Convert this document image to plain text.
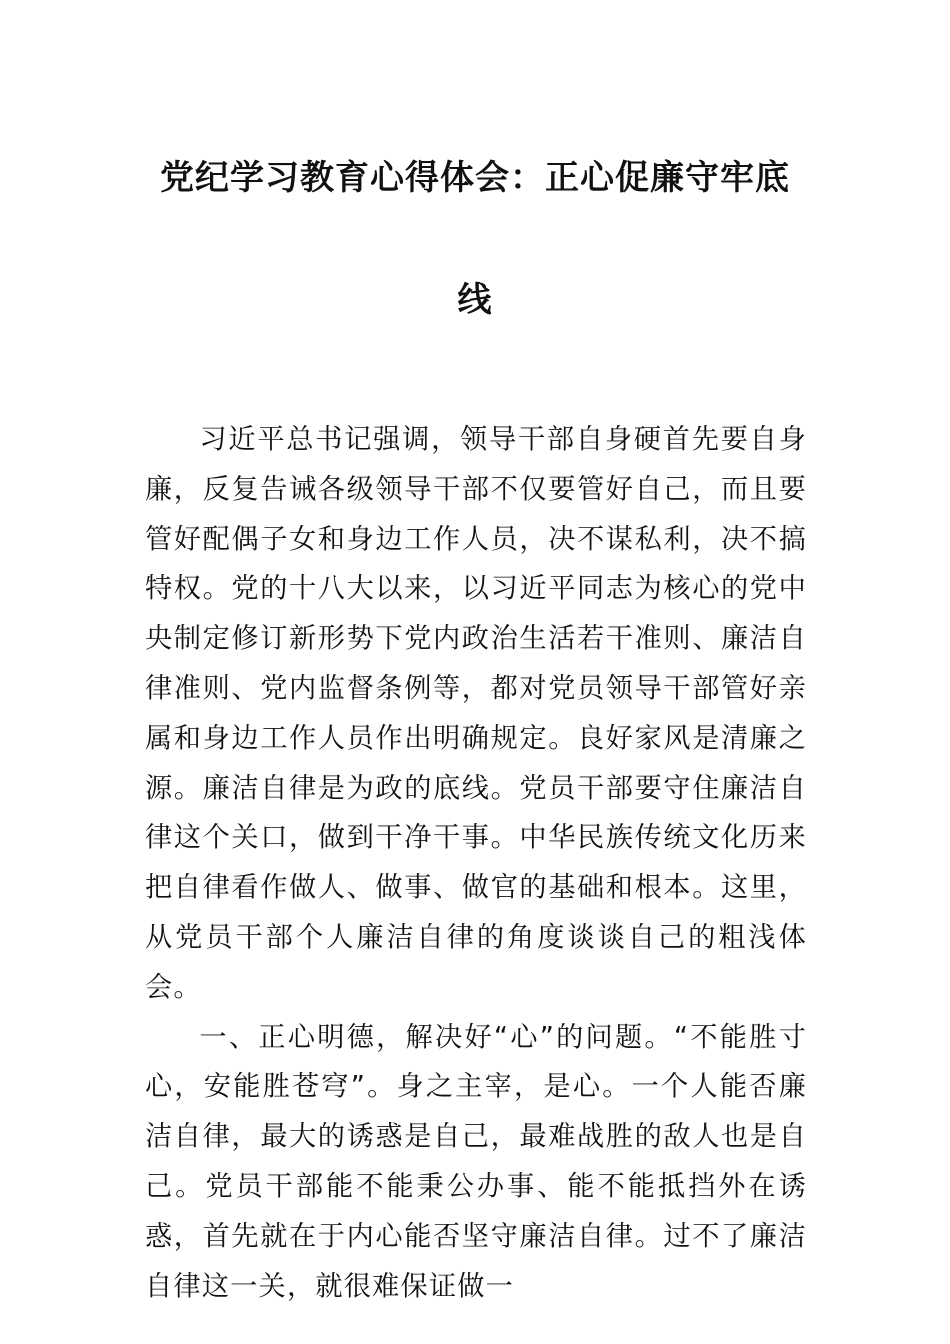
党纪学习教育心得体会：正心促廉守牢底
线

习近平总书记强调，领导干部自身硬首先要自身廉，反复告诫各级领导干部不仅要管好自己，而且要管好配偶子女和身边工作人员，决不谋私利，决不搞特权。党的十八大以来，以习近平同志为核心的党中央制定修订新形势下党内政治生活若干准则、廉洁自律准则、党内监督条例等，都对党员领导干部管好亲属和身边工作人员作出明确规定。良好家风是清廉之源。廉洁自律是为政的底线。党员干部要守住廉洁自律这个关口，做到干净干事。中华民族传统文化历来把自律看作做人、做事、做官的基础和根本。这里，从党员干部个人廉洁自律的角度谈谈自己的粗浅体会。

一、正心明德，解决好“心”的问题。“不能胜寸心，安能胜苍穹”。身之主宰，是心。一个人能否廉洁自律，最大的诱惑是自己，最难战胜的敌人也是自己。党员干部能不能秉公办事、能不能抵挡外在诱惑，首先就在于内心能否坚守廉洁自律。过不了廉洁自律这一关，就很难保证做一
